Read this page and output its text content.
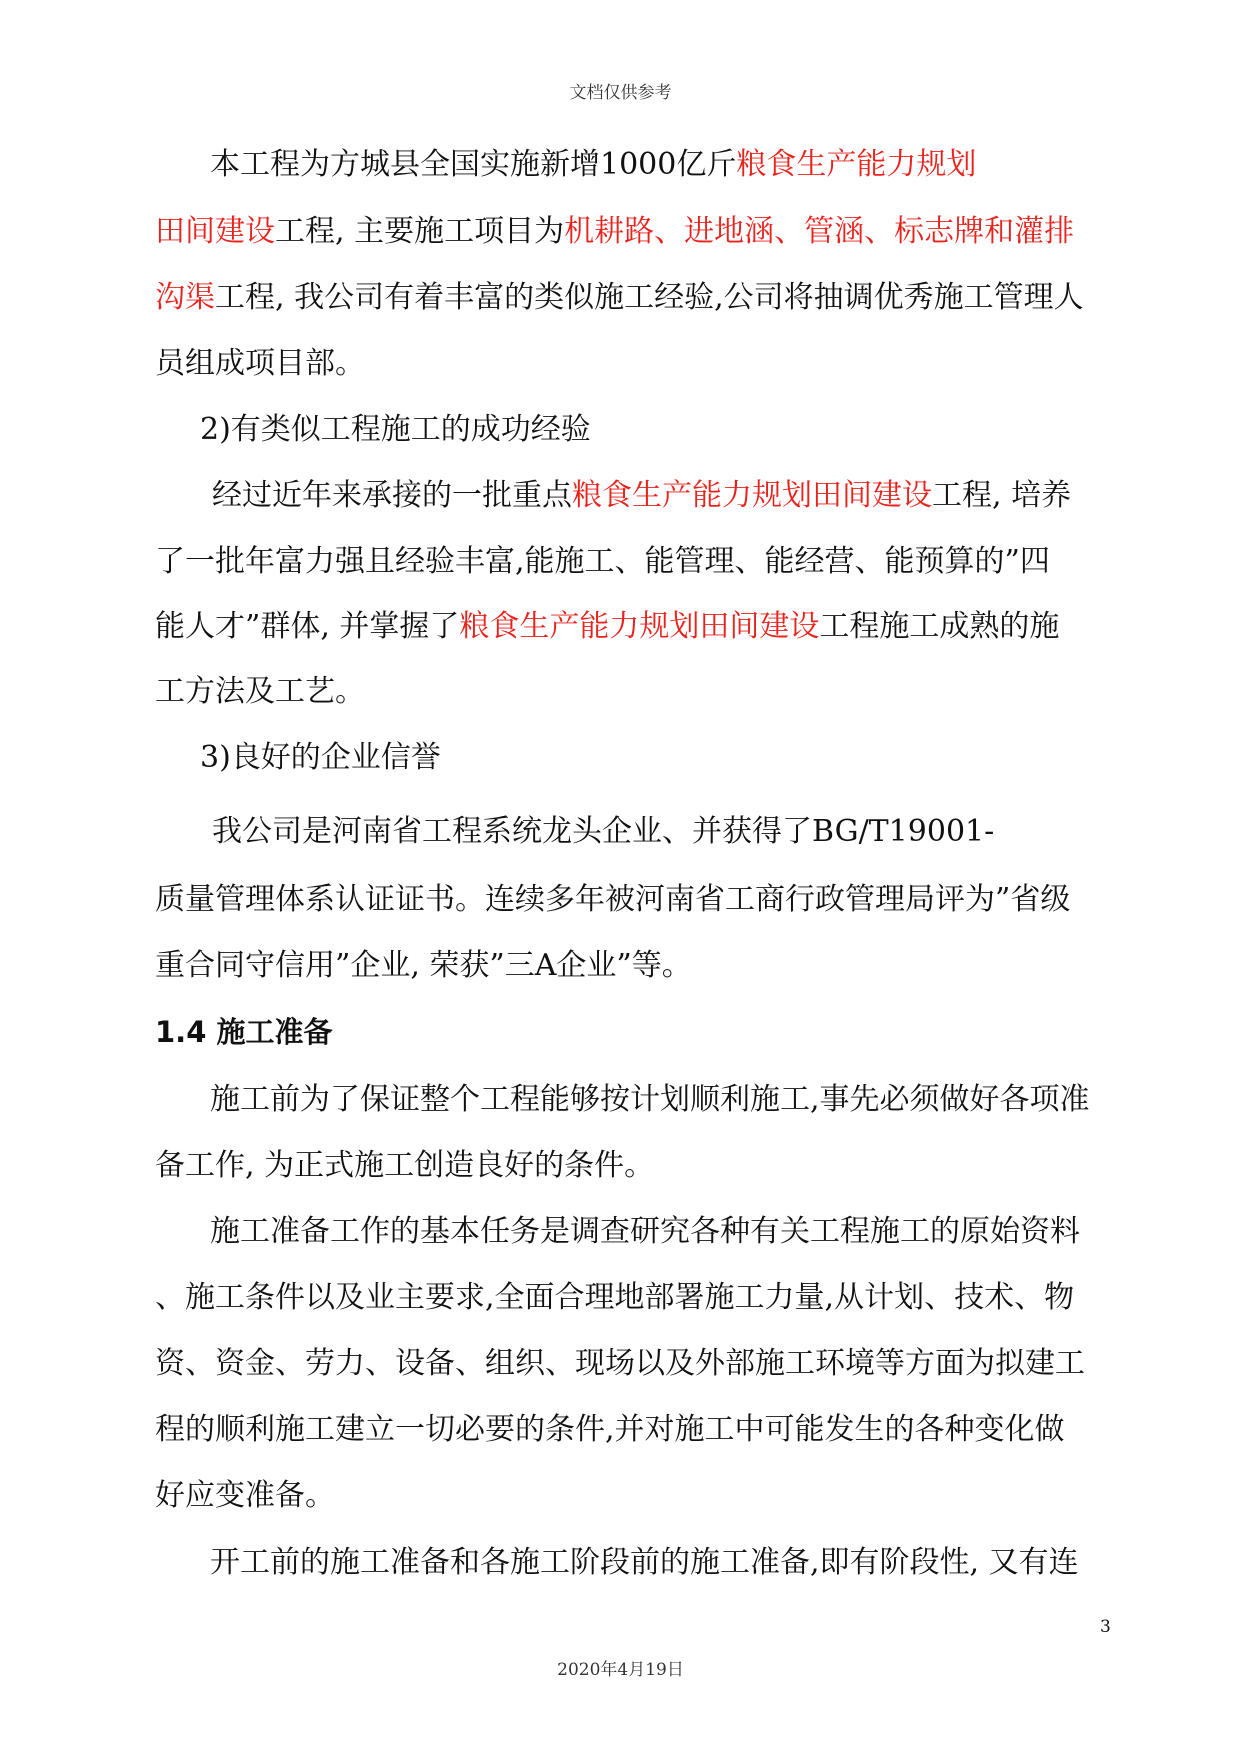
文档仅供参考
本工程为方城县全国实施新增1000亿斤粮食生产能力规划
田间建设工程, 主要施工项目为机耕路、进地涵、管涵、标志牌和灌排
沟渠工程, 我公司有着丰富的类似施工经验,公司将抽调优秀施工管理人
员组成项目部。
2)有类似工程施工的成功经验
经过近年来承接的一批重点粮食生产能力规划田间建设工程, 培养
了一批年富力强且经验丰富,能施工、能管理、能经营、能预算的”四
能人才”群体, 并掌握了粮食生产能力规划田间建设工程施工成熟的施
工方法及工艺。
3)良好的企业信誉
我公司是河南省工程系统龙头企业、并获得了BG/T19001-
质量管理体系认证证书。连续多年被河南省工商行政管理局评为”省级
重合同守信用”企业, 荣获”三A企业”等。
1.4 施工准备
施工前为了保证整个工程能够按计划顺利施工,事先必须做好各项准
备工作, 为正式施工创造良好的条件。
施工准备工作的基本任务是调查研究各种有关工程施工的原始资料
、施工条件以及业主要求,全面合理地部署施工力量,从计划、技术、物
资、资金、劳力、设备、组织、现场以及外部施工环境等方面为拟建工
程的顺利施工建立一切必要的条件,并对施工中可能发生的各种变化做
好应变准备。
开工前的施工准备和各施工阶段前的施工准备,即有阶段性, 又有连
3
2020年4月19日
